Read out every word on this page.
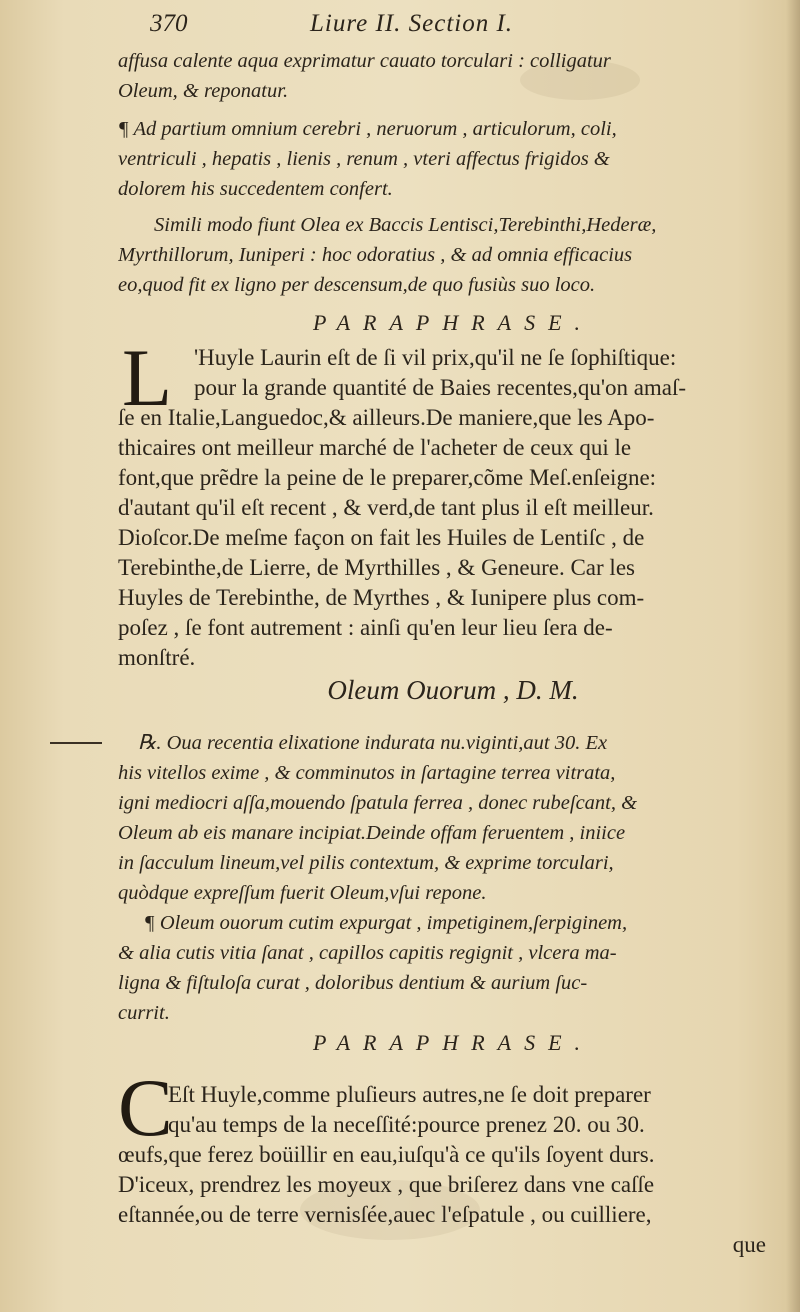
370	Liure II. Section I.
affusa calente aqua exprimatur cauato torculari : colligatur
Oleum, & reponatur.
¶ Ad partium omnium cerebri , neruorum , articulorum, coli,
ventriculi , hepatis , lienis , renum , vteri affectus frigidos &
dolorem his succedentem confert.
Simili modo fiunt Olea ex Baccis Lentisci,Terebinthi,Hederæ,
Myrthillorum, Iuniperi : hoc odoratius , & ad omnia efficacius
eo,quod fit ex ligno per descensum,de quo fusiùs suo loco.
PARAPHRASE.
L 'Huyle Laurin eſt de ſi vil prix,qu'il ne ſe ſophiſtique:
pour la grande quantité de Baies recentes,qu'on amaſ-
ſe en Italie,Languedoc,& ailleurs.De maniere,que les Apo-
thicaires ont meilleur marché de l'acheter de ceux qui le
font,que prẽdre la peine de le preparer,cõme Meſ.enſeigne:
d'autant qu'il eſt recent , & verd,de tant plus il eſt meilleur.
Dioſcor.De meſme façon on fait les Huiles de Lentiſc , de
Terebinthe,de Lierre, de Myrthilles , & Geneure. Car les
Huyles de Terebinthe, de Myrthes , & Iunipere plus com-
poſez , ſe font autrement : ainſi qu'en leur lieu ſera de-
monſtré.
Oleum Ouorum , D. M.
℞. Oua recentia elixatione indurata nu.viginti,aut 30. Ex
his vitellos exime , & comminutos in ſartagine terrea vitrata,
igni mediocri aſſa,mouendo ſpatula ferrea , donec rubeſcant, &
Oleum ab eis manare incipiat.Deinde offam feruentem , iniice
in ſacculum lineum,vel pilis contextum, & exprime torculari,
quòdque expreſſum fuerit Oleum,vſui repone.
¶ Oleum ouorum cutim expurgat , impetiginem,ſerpiginem,
& alia cutis vitia ſanat , capillos capitis regignit , vlcera ma-
ligna & fiſtuloſa curat , doloribus dentium & aurium ſuc-
currit.
PARAPHRASE.
C
Eſt Huyle,comme pluſieurs autres,ne ſe doit preparer
qu'au temps de la neceſſité:pource prenez 20. ou 30.
œufs,que ferez boüillir en eau,iuſqu'à ce qu'ils ſoyent durs.
D'iceux, prendrez les moyeux , que briſerez dans vne caſſe
eſtannée,ou de terre vernisſée,auec l'eſpatule , ou cuilliere,
que
